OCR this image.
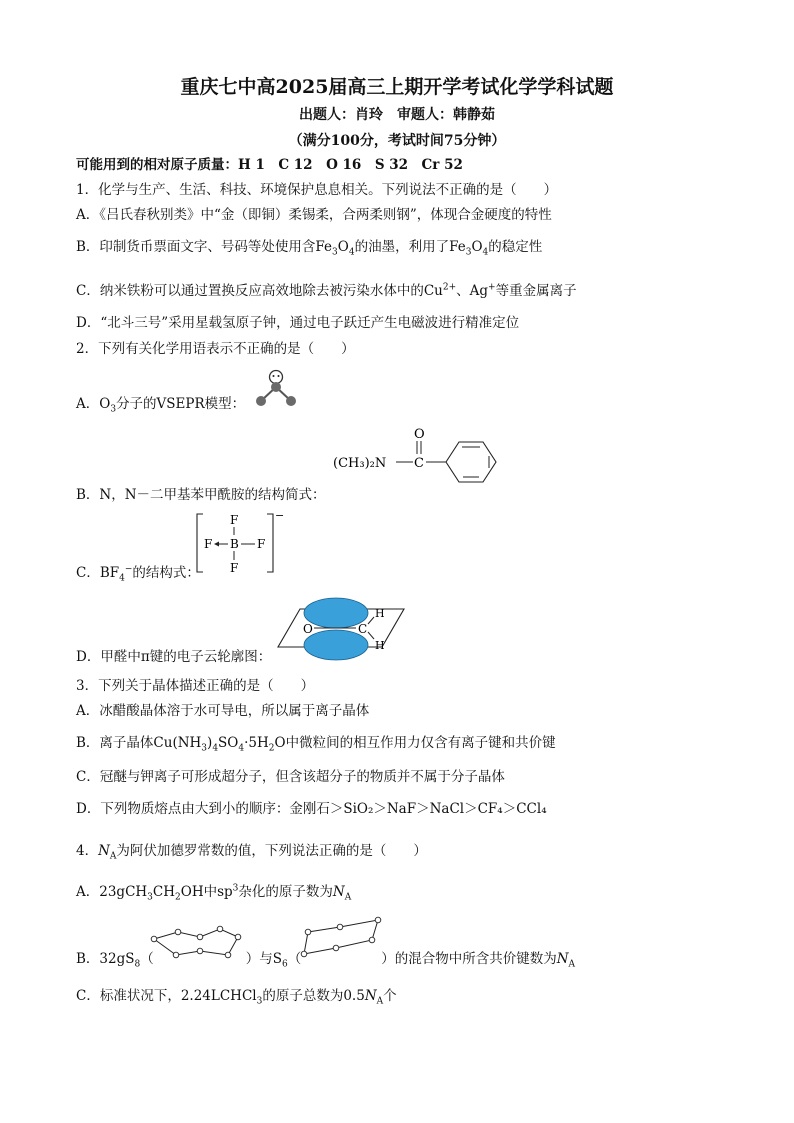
重庆七中高2025届高三上期开学考试化学学科试题
出题人：肖玲　审题人：韩静茹
（满分100分，考试时间75分钟）
可能用到的相对原子质量：H 1　C 12　O 16　S 32　Cr 52
1．化学与生产、生活、科技、环境保护息息相关。下列说法不正确的是（　　）
A．《吕氏春秋别类》中“金（即铜）柔锡柔，合两柔则钢”，体现合金硬度的特性
B．印制货币票面文字、号码等处使用含$Fe_3O_4$的油墨，利用了$Fe_3O_4$的稳定性
C．纳米铁粉可以通过置换反应高效地除去被污染水体中的$Cu^{2+}$、Ag+等重金属离子
D．“北斗三号”采用星载氢原子钟，通过电子跃迁产生电磁波进行精准定位
2．下列有关化学用语表示不正确的是（　　）
A．$O_3$分子的VSEPR模型：
(CH₃)₂N C
O
B．N，N－二甲基苯甲酰胺的结构简式：
−
F
F
F	F
B
C．$BF_4^-$的结构式：
O	C
H
H
D．甲醛中π键的电子云轮廓图：
3．下列关于晶体描述正确的是（　　）
A．冰醋酸晶体溶于水可导电，所以属于离子晶体
B．离子晶体$Cu(NH_3)_4SO_4\cdot 5H_2O$中微粒间的相互作用力仅含有离子键和共价键
C．冠醚与钾离子可形成超分子，但含该超分子的物质并不属于分子晶体
D．下列物质熔点由大到小的顺序：金刚石＞SiO₂＞NaF＞NaCl＞CF₄＞CCl₄
4．$N_A$为阿伏加德罗常数的值，下列说法正确的是（　　）
A．$23gCH_3CH_2OH$中$sp^3$杂化的原子数为$N_A$
B．$32gS_8$（	）与$S_6$（	）的混合物中所含共价键数为$N_A$
C．标准状况下，2.24LCHCl$_3$的原子总数为$0.5N_A$个
